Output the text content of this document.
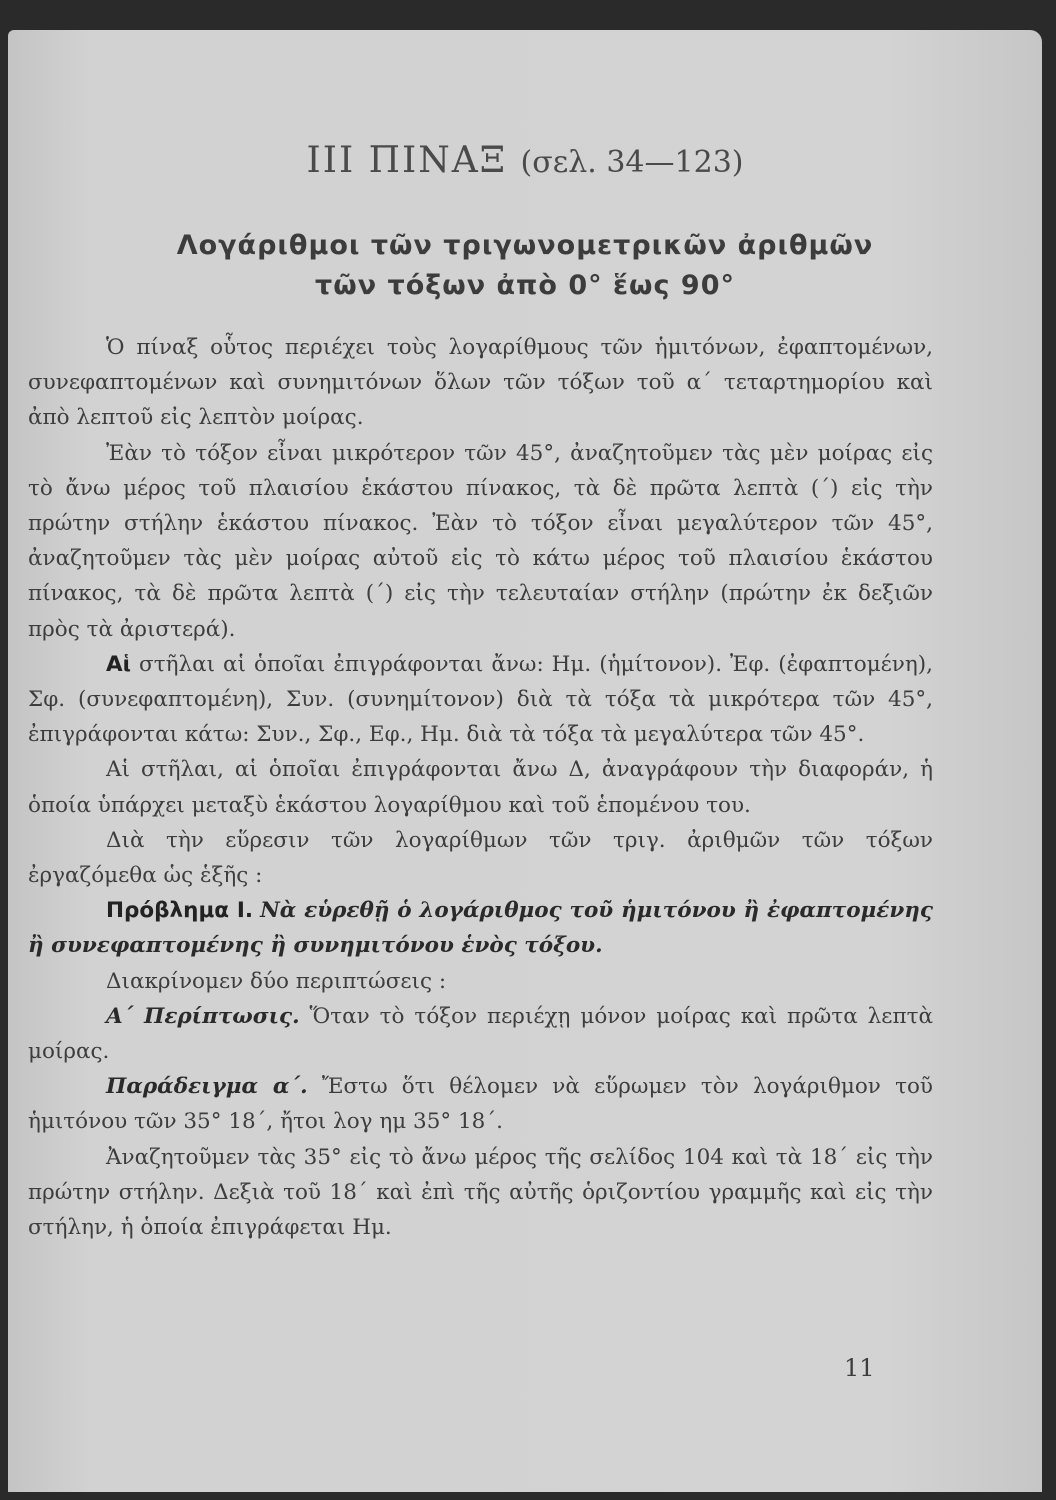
III ΠΙΝΑΞ (σελ. 34—123)
Λογάριθμοι τῶν τριγωνομετρικῶν ἀριθμῶν
τῶν τόξων ἀπὸ 0° ἕως 90°

Ὁ πίναξ οὗτος περιέχει τοὺς λογαρίθμους τῶν ἡμιτόνων, ἐφαπτομένων, συνεφαπτομένων καὶ συνημιτόνων ὅλων τῶν τόξων τοῦ α΄ τεταρτημορίου καὶ ἀπὸ λεπτοῦ εἰς λεπτὸν μοίρας.

Ἐὰν τὸ τόξον εἶναι μικρότερον τῶν 45°, ἀναζητοῦμεν τὰς μὲν μοίρας εἰς τὸ ἄνω μέρος τοῦ πλαισίου ἑκάστου πίνακος, τὰ δὲ πρῶτα λεπτὰ (΄) εἰς τὴν πρώτην στήλην ἑκάστου πίνακος. Ἐὰν τὸ τόξον εἶναι μεγαλύτερον τῶν 45°, ἀναζητοῦμεν τὰς μὲν μοίρας αὐτοῦ εἰς τὸ κάτω μέρος τοῦ πλαισίου ἑκάστου πίνακος, τὰ δὲ πρῶτα λεπτὰ (΄) εἰς τὴν τελευταίαν στήλην (πρώτην ἐκ δεξιῶν πρὸς τὰ ἀριστερά).

Αἱ στῆλαι αἱ ὁποῖαι ἐπιγράφονται ἄνω: Ημ. (ἡμίτονον). Ἐφ. (ἐφαπτομένη), Σφ. (συνεφαπτομένη), Συν. (συνημίτονον) διὰ τὰ τόξα τὰ μικρότερα τῶν 45°, ἐπιγράφονται κάτω: Συν., Σφ., Εφ., Ημ. διὰ τὰ τόξα τὰ μεγαλύτερα τῶν 45°.

Αἱ στῆλαι, αἱ ὁποῖαι ἐπιγράφονται ἄνω Δ, ἀναγράφουν τὴν διαφοράν, ἡ ὁποία ὑπάρχει μεταξὺ ἑκάστου λογαρίθμου καὶ τοῦ ἑπομένου του.

Διὰ τὴν εὕρεσιν τῶν λογαρίθμων τῶν τριγ. ἀριθμῶν τῶν τόξων ἐργαζόμεθα ὡς ἑξῆς :

Πρόβλημα Ι. Νὰ εὑρεθῇ ὁ λογάριθμος τοῦ ἡμιτόνου ἢ ἐφαπτομένης ἢ συνεφαπτομένης ἢ συνημιτόνου ἑνὸς τόξου.

Διακρίνομεν δύο περιπτώσεις :

Α΄ Περίπτωσις. Ὅταν τὸ τόξον περιέχῃ μόνον μοίρας καὶ πρῶτα λεπτὰ μοίρας.

Παράδειγμα α΄. Ἔστω ὅτι θέλομεν νὰ εὕρωμεν τὸν λογάριθμον τοῦ ἡμιτόνου τῶν 35° 18΄, ἤτοι λογ ημ 35° 18΄.

Ἀναζητοῦμεν τὰς 35° εἰς τὸ ἄνω μέρος τῆς σελίδος 104 καὶ τὰ 18΄ εἰς τὴν πρώτην στήλην. Δεξιὰ τοῦ 18΄ καὶ ἐπὶ τῆς αὐτῆς ὁριζοντίου γραμμῆς καὶ εἰς τὴν στήλην, ἡ ὁποία ἐπιγράφεται Ημ.

11
